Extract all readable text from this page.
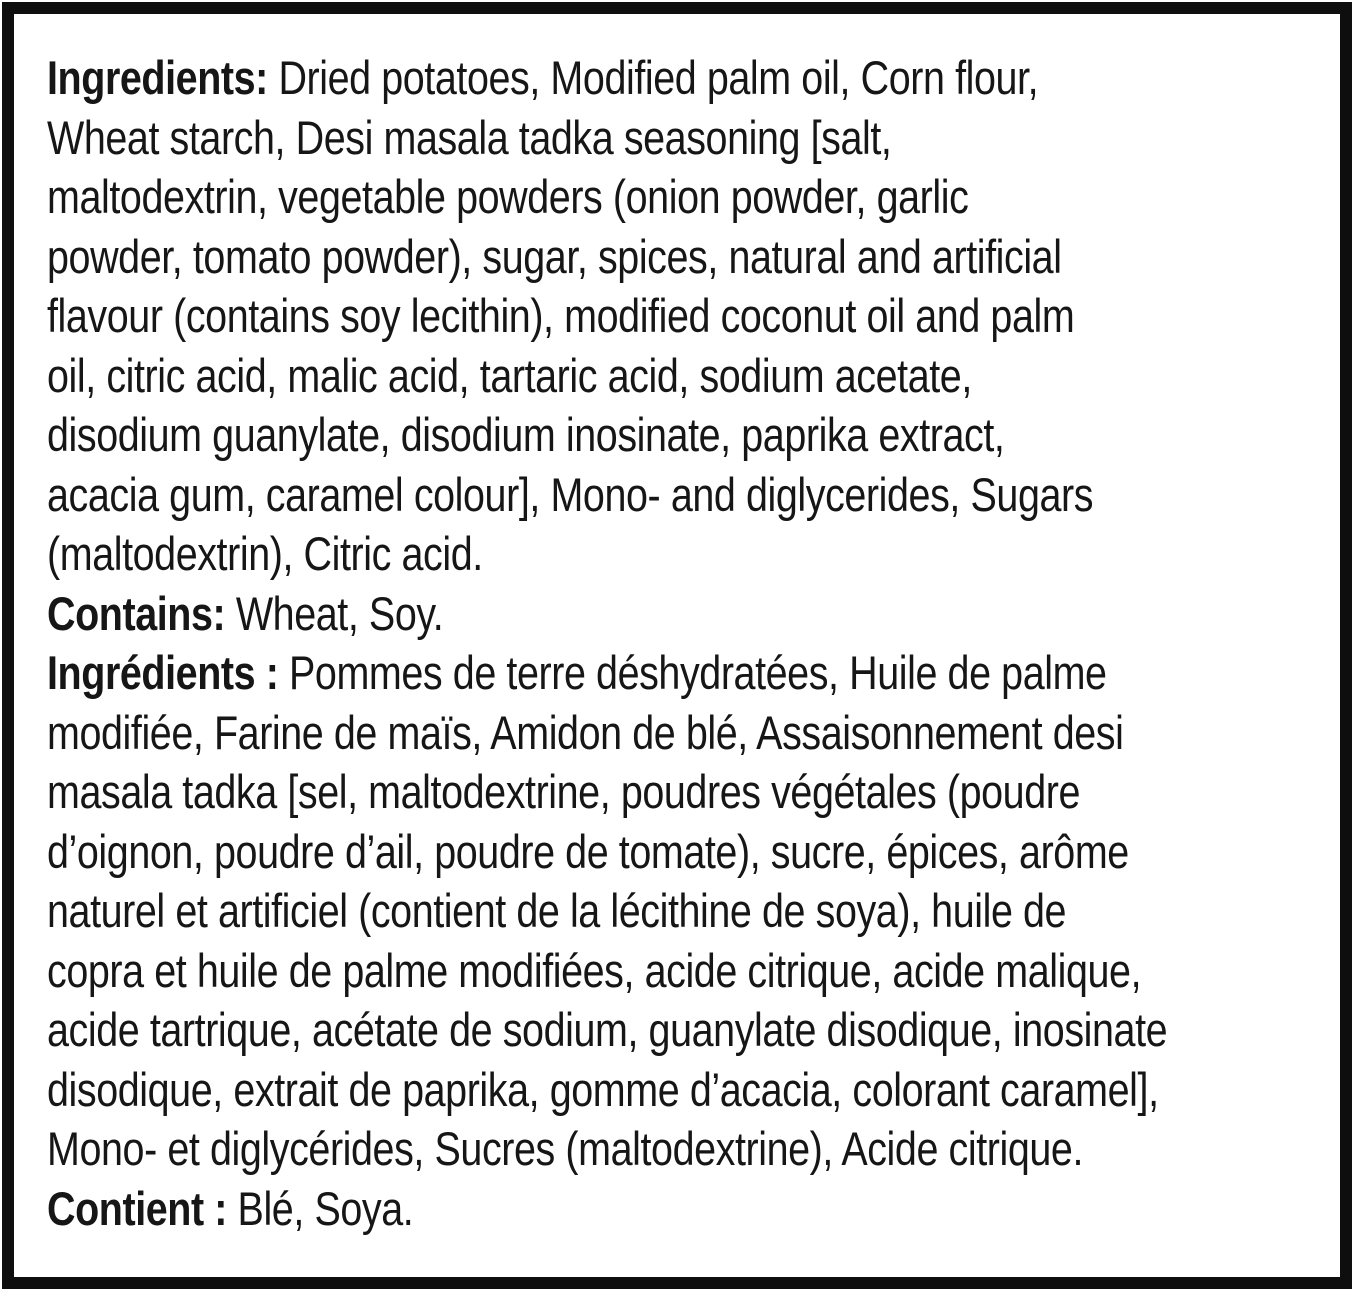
Ingredients: Dried potatoes, Modified palm oil, Corn flour,
Wheat starch, Desi masala tadka seasoning [salt,
maltodextrin, vegetable powders (onion powder, garlic
powder, tomato powder), sugar, spices, natural and artificial
flavour (contains soy lecithin), modified coconut oil and palm
oil, citric acid, malic acid, tartaric acid, sodium acetate,
disodium guanylate, disodium inosinate, paprika extract,
acacia gum, caramel colour], Mono- and diglycerides, Sugars
(maltodextrin), Citric acid.
Contains: Wheat, Soy.
Ingrédients : Pommes de terre déshydratées, Huile de palme
modifiée, Farine de maïs, Amidon de blé, Assaisonnement desi
masala tadka [sel, maltodextrine, poudres végétales (poudre
d’oignon, poudre d’ail, poudre de tomate), sucre, épices, arôme
naturel et artificiel (contient de la lécithine de soya), huile de
copra et huile de palme modifiées, acide citrique, acide malique,
acide tartrique, acétate de sodium, guanylate disodique, inosinate
disodique, extrait de paprika, gomme d’acacia, colorant caramel],
Mono- et diglycérides, Sucres (maltodextrine), Acide citrique.
Contient : Blé, Soya.
